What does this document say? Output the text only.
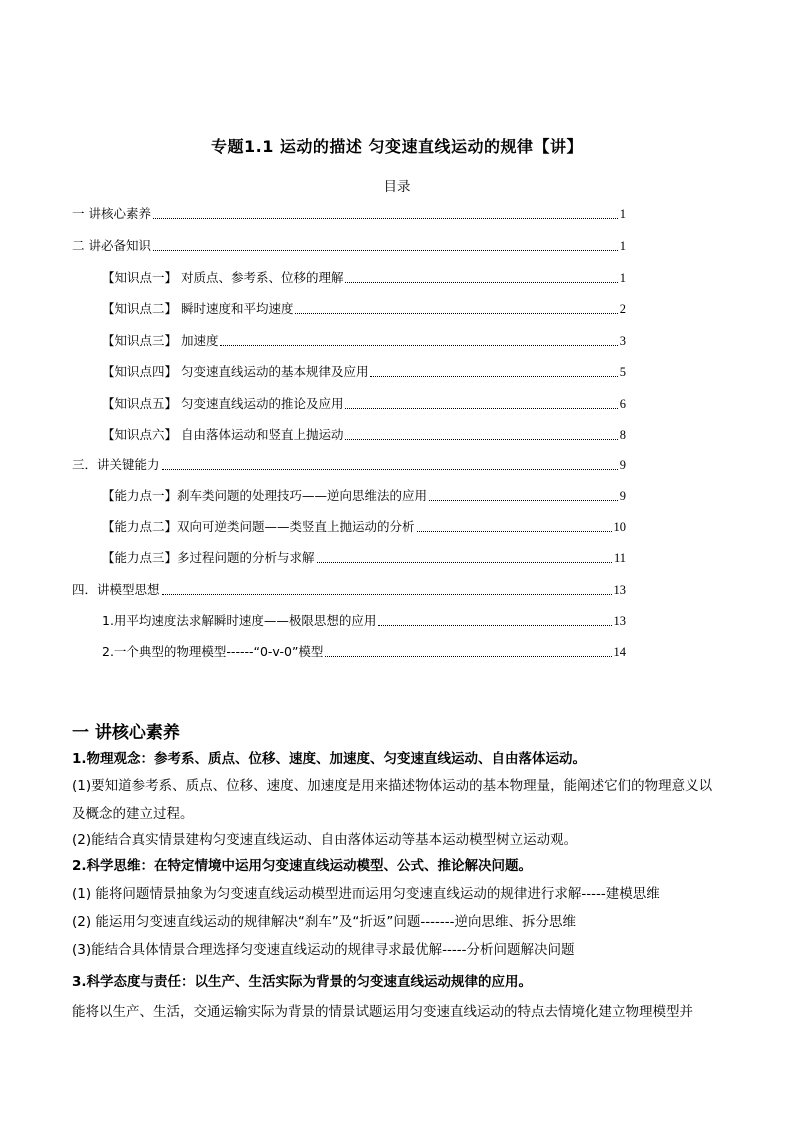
专题1.1 运动的描述 匀变速直线运动的规律【讲】
目录
一 讲核心素养	1
二 讲必备知识	1
【知识点一】 对质点、参考系、位移的理解	1
【知识点二】 瞬时速度和平均速度	2
【知识点三】 加速度	3
【知识点四】 匀变速直线运动的基本规律及应用	5
【知识点五】 匀变速直线运动的推论及应用	6
【知识点六】 自由落体运动和竖直上抛运动	8
三．讲关键能力	9
【能力点一】刹车类问题的处理技巧——逆向思维法的应用	9
【能力点二】双向可逆类问题——类竖直上抛运动的分析	10
【能力点三】多过程问题的分析与求解	11
四．讲模型思想	13
1.用平均速度法求解瞬时速度——极限思想的应用	13
2.一个典型的物理模型------“0-v-0”模型	14
一 讲核心素养
1.物理观念：参考系、质点、位移、速度、加速度、匀变速直线运动、自由落体运动。
(1)要知道参考系、质点、位移、速度、加速度是用来描述物体运动的基本物理量，能阐述它们的物理意义以及概念的建立过程。
(2)能结合真实情景建构匀变速直线运动、自由落体运动等基本运动模型树立运动观。
2.科学思维：在特定情境中运用匀变速直线运动模型、公式、推论解决问题。
(1) 能将问题情景抽象为匀变速直线运动模型进而运用匀变速直线运动的规律进行求解-----建模思维
(2) 能运用匀变速直线运动的规律解决“刹车”及“折返”问题-------逆向思维、拆分思维
(3)能结合具体情景合理选择匀变速直线运动的规律寻求最优解-----分析问题解决问题
3.科学态度与责任：以生产、生活实际为背景的匀变速直线运动规律的应用。
能将以生产、生活，交通运输实际为背景的情景试题运用匀变速直线运动的特点去情境化建立物理模型并
